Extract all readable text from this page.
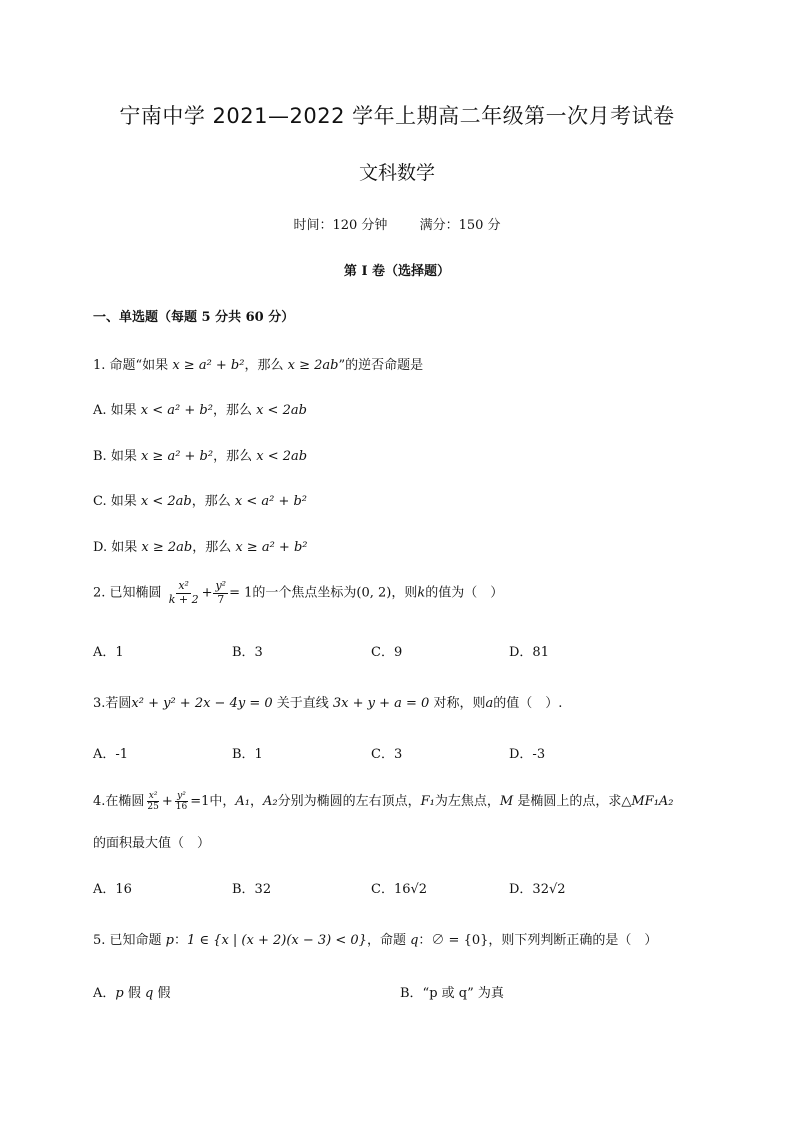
宁南中学 2021—2022 学年上期高二年级第一次月考试卷
文科数学
时间：120 分钟 满分：150 分
第 I 卷（选择题）
一、单选题（每题 5 分共 60 分）
1. 命题“如果 x ≥ a² + b²，那么 x ≥ 2ab”的逆否命题是
A. 如果 x < a² + b²，那么 x < 2ab
B. 如果 x ≥ a² + b²，那么 x < 2ab
C. 如果 x < 2ab，那么 x < a² + b²
D. 如果 x ≥ 2ab，那么 x ≥ a² + b²
2. 已知椭圆 $\frac{\text{x²}}{k + 2} + \frac{\text{y²}}{7} = 1$的一个焦点坐标为(0, 2)，则k的值为（　）
A．1	B．3	C．9	D．81
3.若圆x² + y² + 2x − 4y = 0 关于直线 3x + y + a = 0 对称，则a的值（　）.
A．-1	B．1	C．3	D．-3
4.在椭圆 $\frac{\text{x²}}{25} + \frac{\text{y²}}{16} =1$中，A₁，A₂分别为椭圆的左右顶点，F₁为左焦点，M 是椭圆上的点，求△MF₁A₂
的面积最大值（　）
A．16	B．32	C．16√2	D．32√2
5. 已知命题 p：1 ∈ {x | (x + 2)(x − 3) < 0}，命题 q：∅ = {0}，则下列判断正确的是（　）
A．p 假 q 假	B．“p 或 q” 为真
